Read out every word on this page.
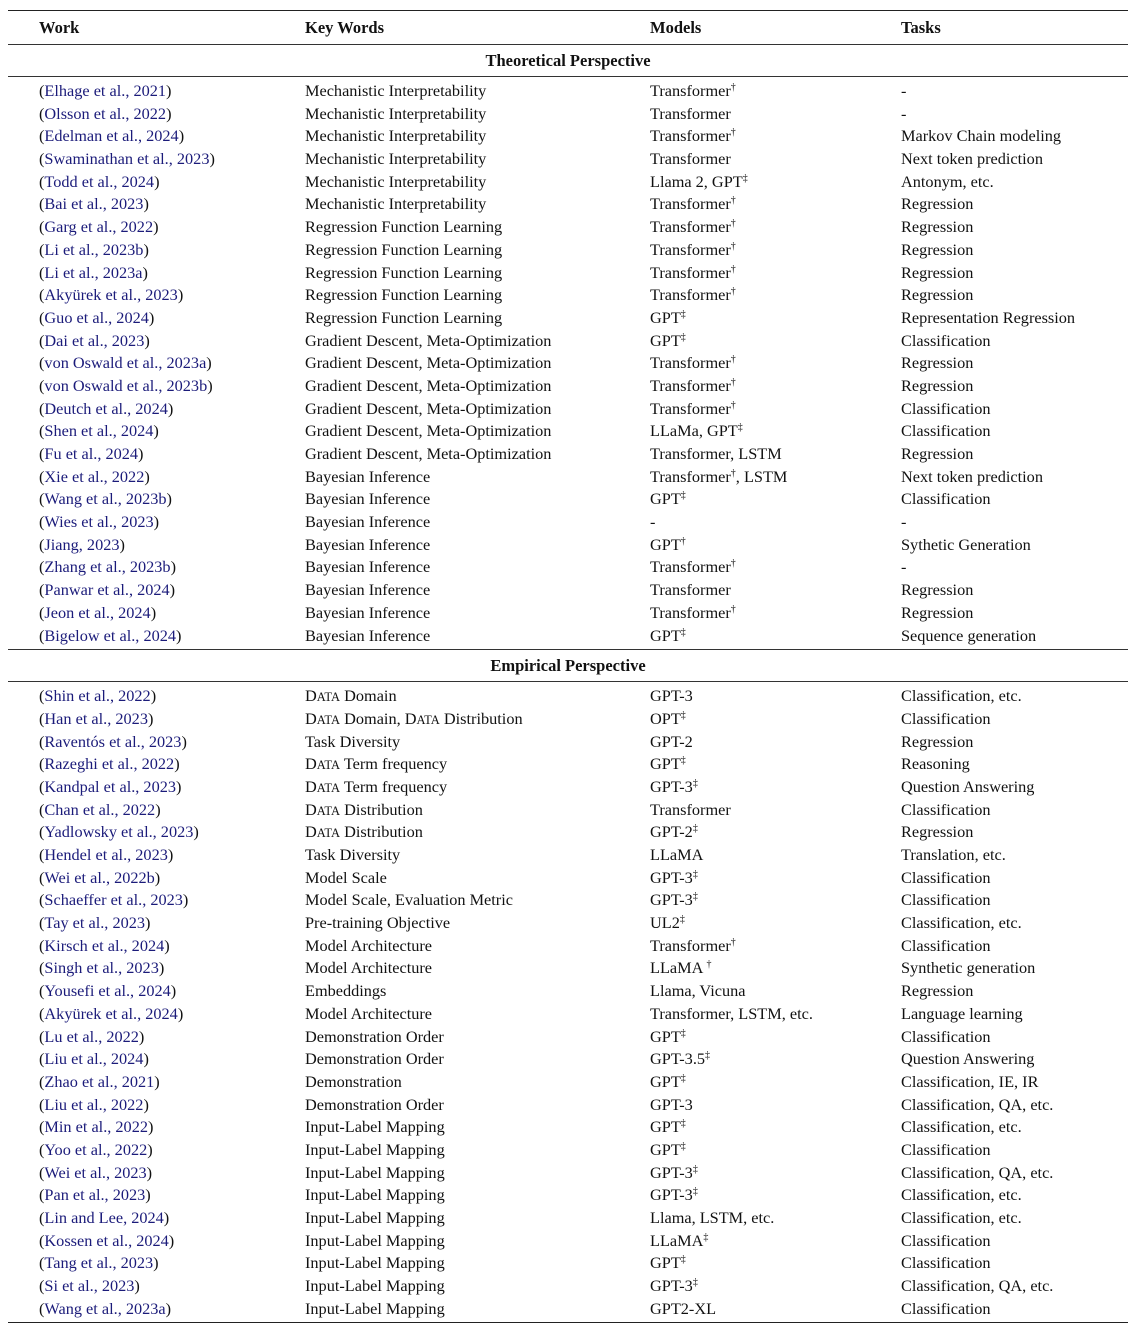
Work	Key Words	Models	Tasks
Theoretical Perspective
(Elhage et al., 2021)	Mechanistic Interpretability	Transformer†	-
(Olsson et al., 2022)	Mechanistic Interpretability	Transformer	-
(Edelman et al., 2024)	Mechanistic Interpretability	Transformer†	Markov Chain modeling
(Swaminathan et al., 2023)	Mechanistic Interpretability	Transformer	Next token prediction
(Todd et al., 2024)	Mechanistic Interpretability	Llama 2, GPT‡	Antonym, etc.
(Bai et al., 2023)	Mechanistic Interpretability	Transformer†	Regression
(Garg et al., 2022)	Regression Function Learning	Transformer†	Regression
(Li et al., 2023b)	Regression Function Learning	Transformer†	Regression
(Li et al., 2023a)	Regression Function Learning	Transformer†	Regression
(Akyürek et al., 2023)	Regression Function Learning	Transformer†	Regression
(Guo et al., 2024)	Regression Function Learning	GPT‡	Representation Regression
(Dai et al., 2023)	Gradient Descent, Meta-Optimization	GPT‡	Classification
(von Oswald et al., 2023a)	Gradient Descent, Meta-Optimization	Transformer†	Regression
(von Oswald et al., 2023b)	Gradient Descent, Meta-Optimization	Transformer†	Regression
(Deutch et al., 2024)	Gradient Descent, Meta-Optimization	Transformer†	Classification
(Shen et al., 2024)	Gradient Descent, Meta-Optimization	LLaMa, GPT‡	Classification
(Fu et al., 2024)	Gradient Descent, Meta-Optimization	Transformer, LSTM	Regression
(Xie et al., 2022)	Bayesian Inference	Transformer†, LSTM	Next token prediction
(Wang et al., 2023b)	Bayesian Inference	GPT‡	Classification
(Wies et al., 2023)	Bayesian Inference	-	-
(Jiang, 2023)	Bayesian Inference	GPT†	Sythetic Generation
(Zhang et al., 2023b)	Bayesian Inference	Transformer†	-
(Panwar et al., 2024)	Bayesian Inference	Transformer	Regression
(Jeon et al., 2024)	Bayesian Inference	Transformer†	Regression
(Bigelow et al., 2024)	Bayesian Inference	GPT‡	Sequence generation
Empirical Perspective
(Shin et al., 2022)	DATA Domain	GPT-3	Classification, etc.
(Han et al., 2023)	DATA Domain, DATA Distribution	OPT‡	Classification
(Raventós et al., 2023)	Task Diversity	GPT-2	Regression
(Razeghi et al., 2022)	DATA Term frequency	GPT‡	Reasoning
(Kandpal et al., 2023)	DATA Term frequency	GPT-3‡	Question Answering
(Chan et al., 2022)	DATA Distribution	Transformer	Classification
(Yadlowsky et al., 2023)	DATA Distribution	GPT-2‡	Regression
(Hendel et al., 2023)	Task Diversity	LLaMA	Translation, etc.
(Wei et al., 2022b)	Model Scale	GPT-3‡	Classification
(Schaeffer et al., 2023)	Model Scale, Evaluation Metric	GPT-3‡	Classification
(Tay et al., 2023)	Pre-training Objective	UL2‡	Classification, etc.
(Kirsch et al., 2024)	Model Architecture	Transformer†	Classification
(Singh et al., 2023)	Model Architecture	LLaMA †	Synthetic generation
(Yousefi et al., 2024)	Embeddings	Llama, Vicuna	Regression
(Akyürek et al., 2024)	Model Architecture	Transformer, LSTM, etc.	Language learning
(Lu et al., 2022)	Demonstration Order	GPT‡	Classification
(Liu et al., 2024)	Demonstration Order	GPT-3.5‡	Question Answering
(Zhao et al., 2021)	Demonstration	GPT‡	Classification, IE, IR
(Liu et al., 2022)	Demonstration Order	GPT-3	Classification, QA, etc.
(Min et al., 2022)	Input-Label Mapping	GPT‡	Classification, etc.
(Yoo et al., 2022)	Input-Label Mapping	GPT‡	Classification
(Wei et al., 2023)	Input-Label Mapping	GPT-3‡	Classification, QA, etc.
(Pan et al., 2023)	Input-Label Mapping	GPT-3‡	Classification, etc.
(Lin and Lee, 2024)	Input-Label Mapping	Llama, LSTM, etc.	Classification, etc.
(Kossen et al., 2024)	Input-Label Mapping	LLaMA‡	Classification
(Tang et al., 2023)	Input-Label Mapping	GPT‡	Classification
(Si et al., 2023)	Input-Label Mapping	GPT-3‡	Classification, QA, etc.
(Wang et al., 2023a)	Input-Label Mapping	GPT2-XL	Classification
